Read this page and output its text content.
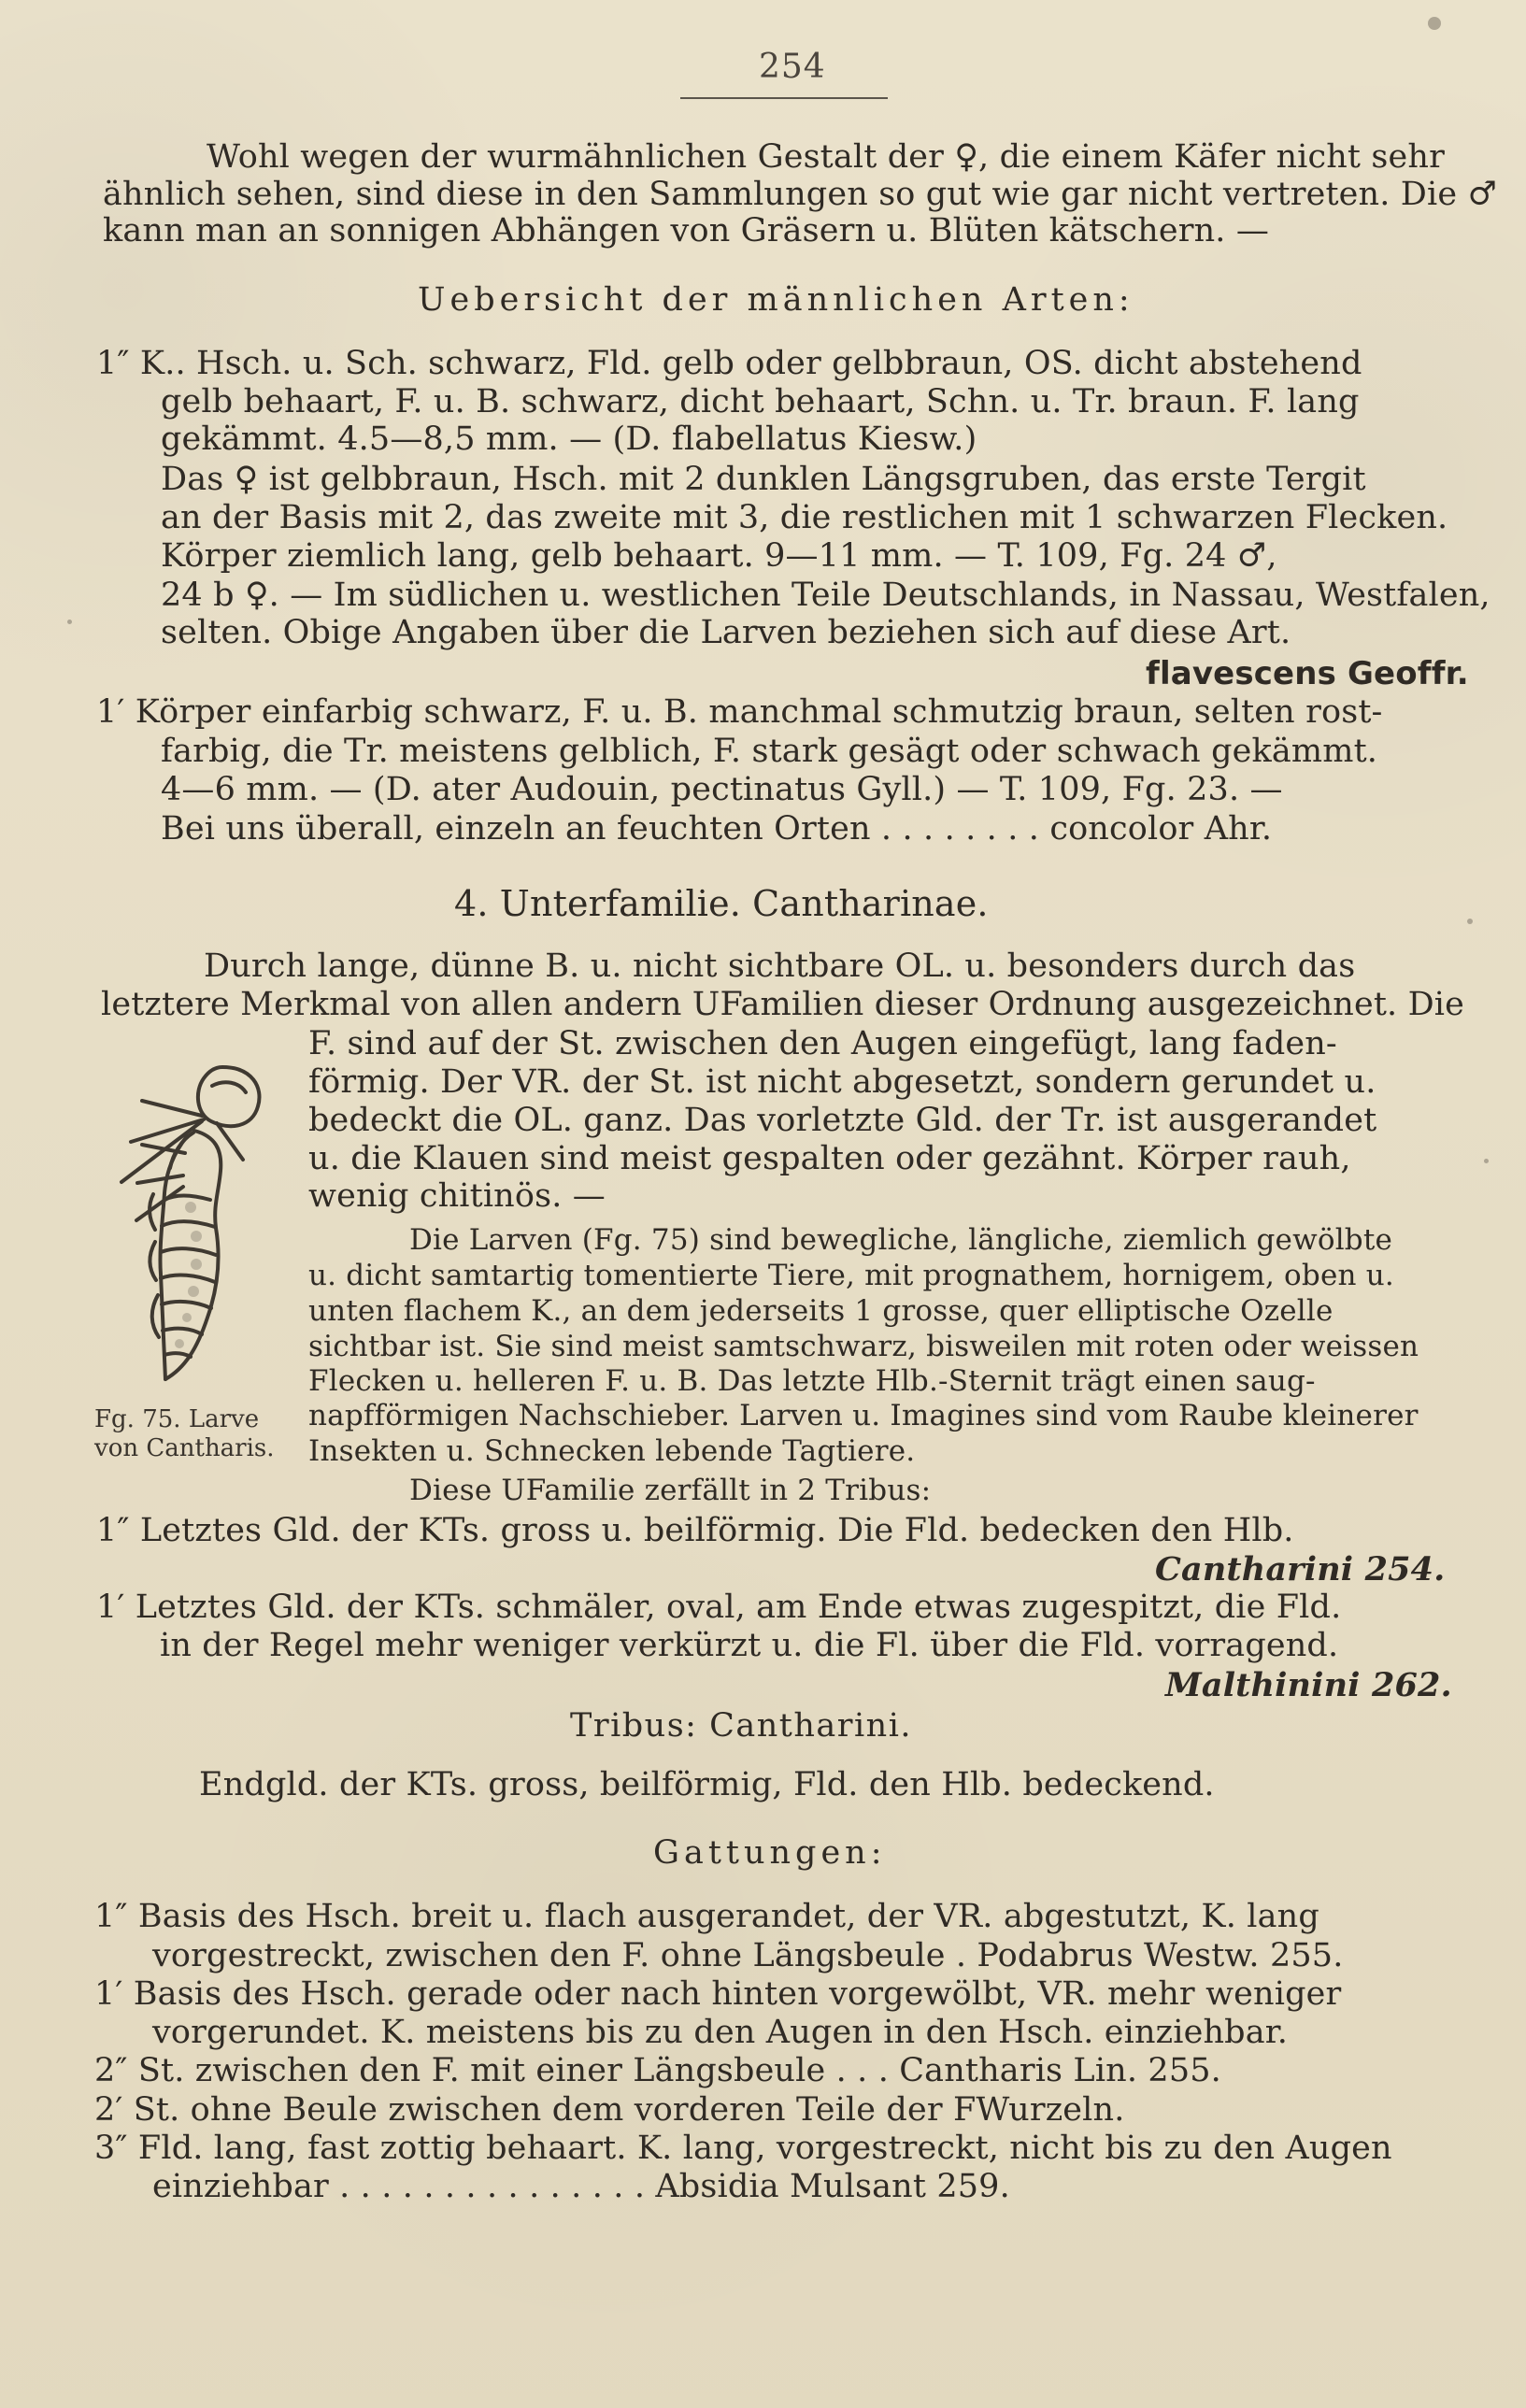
254
Wohl wegen der wurmähnlichen Gestalt der ♀, die einem Käfer nicht sehr
ähnlich sehen, sind diese in den Sammlungen so gut wie gar nicht vertreten. Die ♂
kann man an sonnigen Abhängen von Gräsern u. Blüten kätschern. —
Uebersicht der männlichen Arten:
1″ K.. Hsch. u. Sch. schwarz, Fld. gelb oder gelbbraun, OS. dicht abstehend
gelb behaart, F. u. B. schwarz, dicht behaart, Schn. u. Tr. braun. F. lang
gekämmt. 4.5—8,5 mm. — (D. flabellatus Kiesw.)
Das ♀ ist gelbbraun, Hsch. mit 2 dunklen Längsgruben, das erste Tergit
an der Basis mit 2, das zweite mit 3, die restlichen mit 1 schwarzen Flecken.
Körper ziemlich lang, gelb behaart. 9—11 mm. — T. 109, Fg. 24 ♂,
24 b ♀. — Im südlichen u. westlichen Teile Deutschlands, in Nassau, Westfalen,
selten. Obige Angaben über die Larven beziehen sich auf diese Art.
flavescens Geoffr.
1′ Körper einfarbig schwarz, F. u. B. manchmal schmutzig braun, selten rost-
farbig, die Tr. meistens gelblich, F. stark gesägt oder schwach gekämmt.
4—6 mm. — (D. ater Audouin, pectinatus Gyll.) — T. 109, Fg. 23. —
Bei uns überall, einzeln an feuchten Orten . . . . . . . . concolor Ahr.
4. Unterfamilie. Cantharinae.
Durch lange, dünne B. u. nicht sichtbare OL. u. besonders durch das
letztere Merkmal von allen andern UFamilien dieser Ordnung ausgezeichnet. Die
F. sind auf der St. zwischen den Augen eingefügt, lang faden-
förmig. Der VR. der St. ist nicht abgesetzt, sondern gerundet u.
bedeckt die OL. ganz. Das vorletzte Gld. der Tr. ist ausgerandet
u. die Klauen sind meist gespalten oder gezähnt. Körper rauh,
wenig chitinös. —
Die Larven (Fg. 75) sind bewegliche, längliche, ziemlich gewölbte
u. dicht samtartig tomentierte Tiere, mit prognathem, hornigem, oben u.
unten flachem K., an dem jederseits 1 grosse, quer elliptische Ozelle
sichtbar ist. Sie sind meist samtschwarz, bisweilen mit roten oder weissen
Flecken u. helleren F. u. B. Das letzte Hlb.-Sternit trägt einen saug-
napfförmigen Nachschieber. Larven u. Imagines sind vom Raube kleinerer
Insekten u. Schnecken lebende Tagtiere.
Fg. 75. Larve
von Cantharis.
Diese UFamilie zerfällt in 2 Tribus:
1″ Letztes Gld. der KTs. gross u. beilförmig. Die Fld. bedecken den Hlb.
Cantharini 254.
1′ Letztes Gld. der KTs. schmäler, oval, am Ende etwas zugespitzt, die Fld.
in der Regel mehr weniger verkürzt u. die Fl. über die Fld. vorragend.
Malthinini 262.
Tribus: Cantharini.
Endgld. der KTs. gross, beilförmig, Fld. den Hlb. bedeckend.
Gattungen:
1″ Basis des Hsch. breit u. flach ausgerandet, der VR. abgestutzt, K. lang
vorgestreckt, zwischen den F. ohne Längsbeule . Podabrus Westw. 255.
1′ Basis des Hsch. gerade oder nach hinten vorgewölbt, VR. mehr weniger
vorgerundet. K. meistens bis zu den Augen in den Hsch. einziehbar.
2″ St. zwischen den F. mit einer Längsbeule . . . Cantharis Lin. 255.
2′ St. ohne Beule zwischen dem vorderen Teile der FWurzeln.
3″ Fld. lang, fast zottig behaart. K. lang, vorgestreckt, nicht bis zu den Augen
einziehbar . . . . . . . . . . . . . . . Absidia Mulsant 259.
